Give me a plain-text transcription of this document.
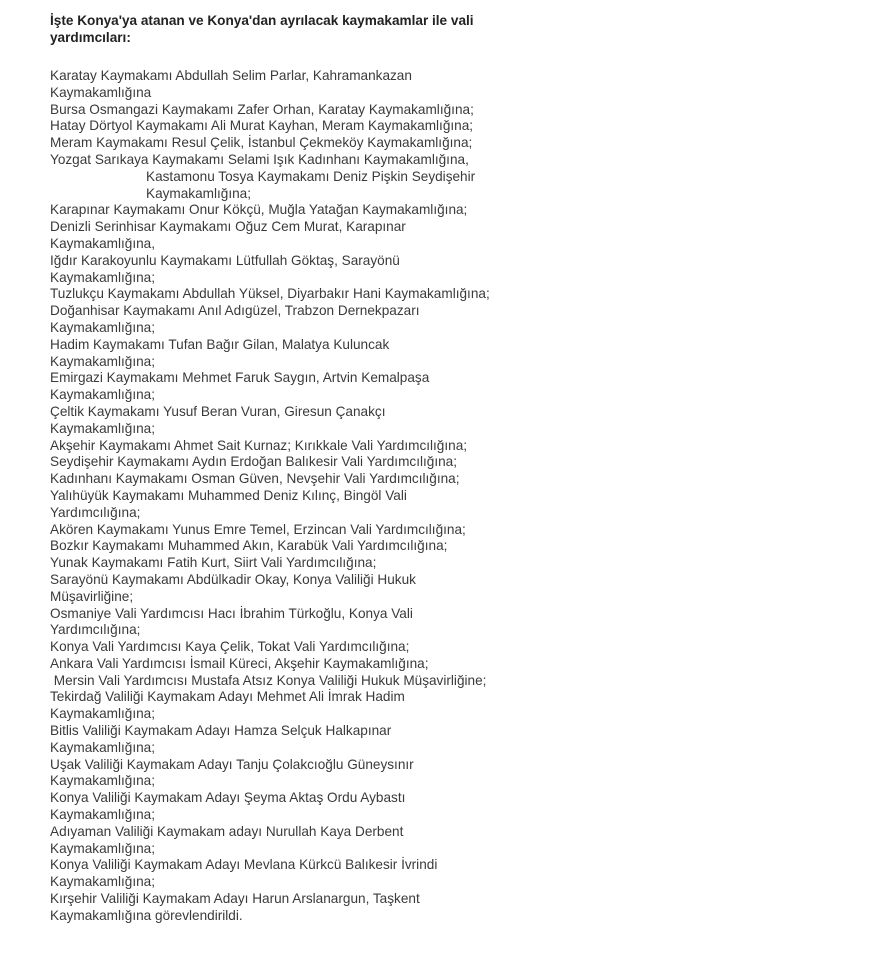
İşte Konya'ya atanan ve Konya'dan ayrılacak kaymakamlar ile vali yardımcıları:
Karatay Kaymakamı Abdullah Selim Parlar, Kahramankazan Kaymakamlığına
Bursa Osmangazi Kaymakamı Zafer Orhan, Karatay Kaymakamlığına;
Hatay Dörtyol Kaymakamı Ali Murat Kayhan, Meram Kaymakamlığına;
Meram Kaymakamı Resul Çelik, İstanbul Çekmeköy Kaymakamlığına;
Yozgat Sarıkaya Kaymakamı Selami Işık Kadınhanı Kaymakamlığına,
Kastamonu Tosya Kaymakamı Deniz Pişkin Seydişehir Kaymakamlığına;
Karapınar Kaymakamı Onur Kökçü, Muğla Yatağan Kaymakamlığına;
Denizli Serinhisar Kaymakamı Oğuz Cem Murat, Karapınar Kaymakamlığına,
Iğdır Karakoyunlu Kaymakamı Lütfullah Göktaş, Sarayönü Kaymakamlığına;
Tuzlukçu Kaymakamı Abdullah Yüksel, Diyarbakır Hani Kaymakamlığına;
Doğanhisar Kaymakamı Anıl Adıgüzel, Trabzon Dernekpazarı Kaymakamlığına;
Hadim Kaymakamı Tufan Bağır Gilan, Malatya Kuluncak Kaymakamlığına;
Emirgazi Kaymakamı Mehmet Faruk Saygın, Artvin Kemalpaşa Kaymakamlığına;
Çeltik Kaymakamı Yusuf Beran Vuran, Giresun Çanakçı Kaymakamlığına;
Akşehir Kaymakamı Ahmet Sait Kurnaz; Kırıkkale Vali Yardımcılığına;
Seydişehir Kaymakamı Aydın Erdoğan Balıkesir Vali Yardımcılığına;
Kadınhanı Kaymakamı Osman Güven, Nevşehir Vali Yardımcılığına;
Yalıhüyük Kaymakamı Muhammed Deniz Kılınç, Bingöl Vali Yardımcılığına;
Akören Kaymakamı Yunus Emre Temel, Erzincan Vali Yardımcılığına;
Bozkır Kaymakamı Muhammed Akın, Karabük Vali Yardımcılığına;
Yunak Kaymakamı Fatih Kurt, Siirt Vali Yardımcılığına;
Sarayönü Kaymakamı Abdülkadir Okay, Konya Valiliği Hukuk Müşavirliğine;
Osmaniye Vali Yardımcısı Hacı İbrahim Türkoğlu, Konya Vali Yardımcılığına;
Konya Vali Yardımcısı Kaya Çelik, Tokat Vali Yardımcılığına;
Ankara Vali Yardımcısı İsmail Küreci, Akşehir Kaymakamlığına;
Mersin Vali Yardımcısı Mustafa Atsız Konya Valiliği Hukuk Müşavirliğine;
Tekirdağ Valiliği Kaymakam Adayı Mehmet Ali İmrak Hadim Kaymakamlığına;
Bitlis Valiliği Kaymakam Adayı Hamza Selçuk Halkapınar Kaymakamlığına;
Uşak Valiliği Kaymakam Adayı Tanju Çolakcıoğlu Güneysınır Kaymakamlığına;
Konya Valiliği Kaymakam Adayı Şeyma Aktaş Ordu Aybastı Kaymakamlığına;
Adıyaman Valiliği Kaymakam adayı Nurullah Kaya Derbent Kaymakamlığına;
Konya Valiliği Kaymakam Adayı Mevlana Kürkcü Balıkesir İvrindi Kaymakamlığına;
Kırşehir Valiliği Kaymakam Adayı Harun Arslanargun, Taşkent Kaymakamlığına görevlendirildi.
